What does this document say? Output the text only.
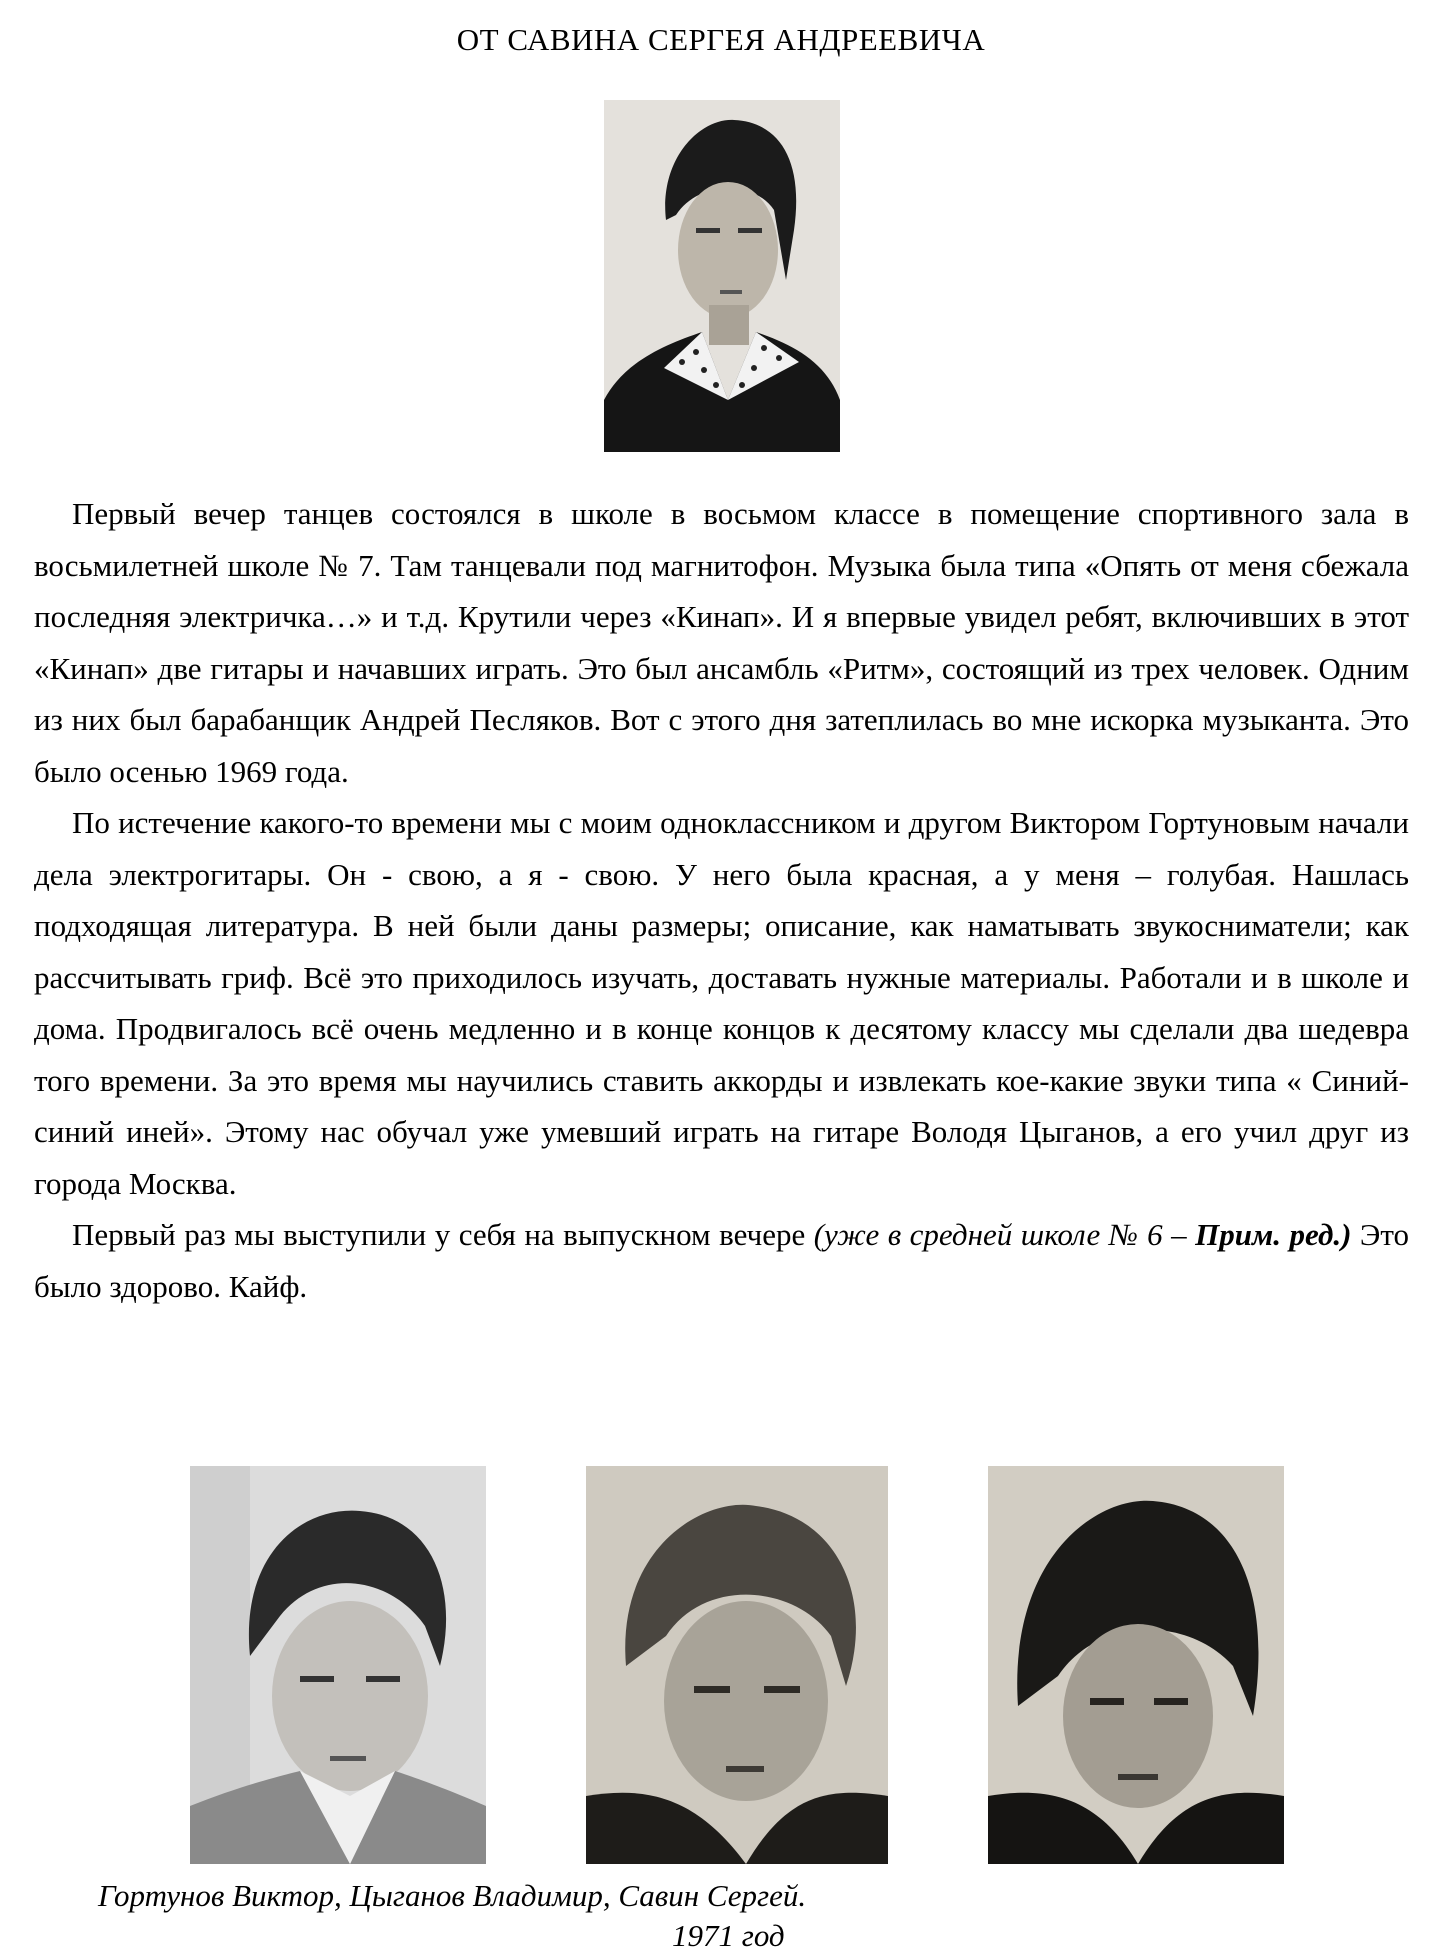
ОТ САВИНА СЕРГЕЯ АНДРЕЕВИЧА

Первый вечер танцев состоялся в школе в восьмом классе в помещение спортивного зала в восьмилетней школе № 7. Там танцевали под магнитофон. Музыка была типа «Опять от меня сбежала последняя электричка…» и т.д. Крутили через «Кинап». И я впервые увидел ребят, включивших в этот «Кинап» две гитары и начавших играть. Это был ансамбль «Ритм», состоящий из трех человек. Одним из них был барабанщик Андрей Песляков. Вот с этого дня затеплилась во мне искорка музыканта. Это было осенью 1969 года.

По истечение какого-то времени мы с моим одноклассником и другом Виктором Гортуновым начали дела электрогитары. Он - свою, а я - свою. У него была красная, а у меня – голубая. Нашлась подходящая литература. В ней были даны размеры; описание, как наматывать звукосниматели; как рассчитывать гриф. Всё это приходилось изучать, доставать нужные материалы. Работали и в школе и дома. Продвигалось всё очень медленно и в конце концов к десятому классу мы сделали два шедевра того времени. За это время мы научились ставить аккорды и извлекать кое-какие звуки типа « Синий-синий иней». Этому нас обучал уже умевший играть на гитаре Володя Цыганов, а его учил друг из города Москва.

Первый раз мы выступили у себя на выпускном вечере (уже в средней школе № 6 – Прим. ред.) Это было здорово. Кайф.

Гортунов Виктор, Цыганов Владимир, Савин Сергей.
1971 год
